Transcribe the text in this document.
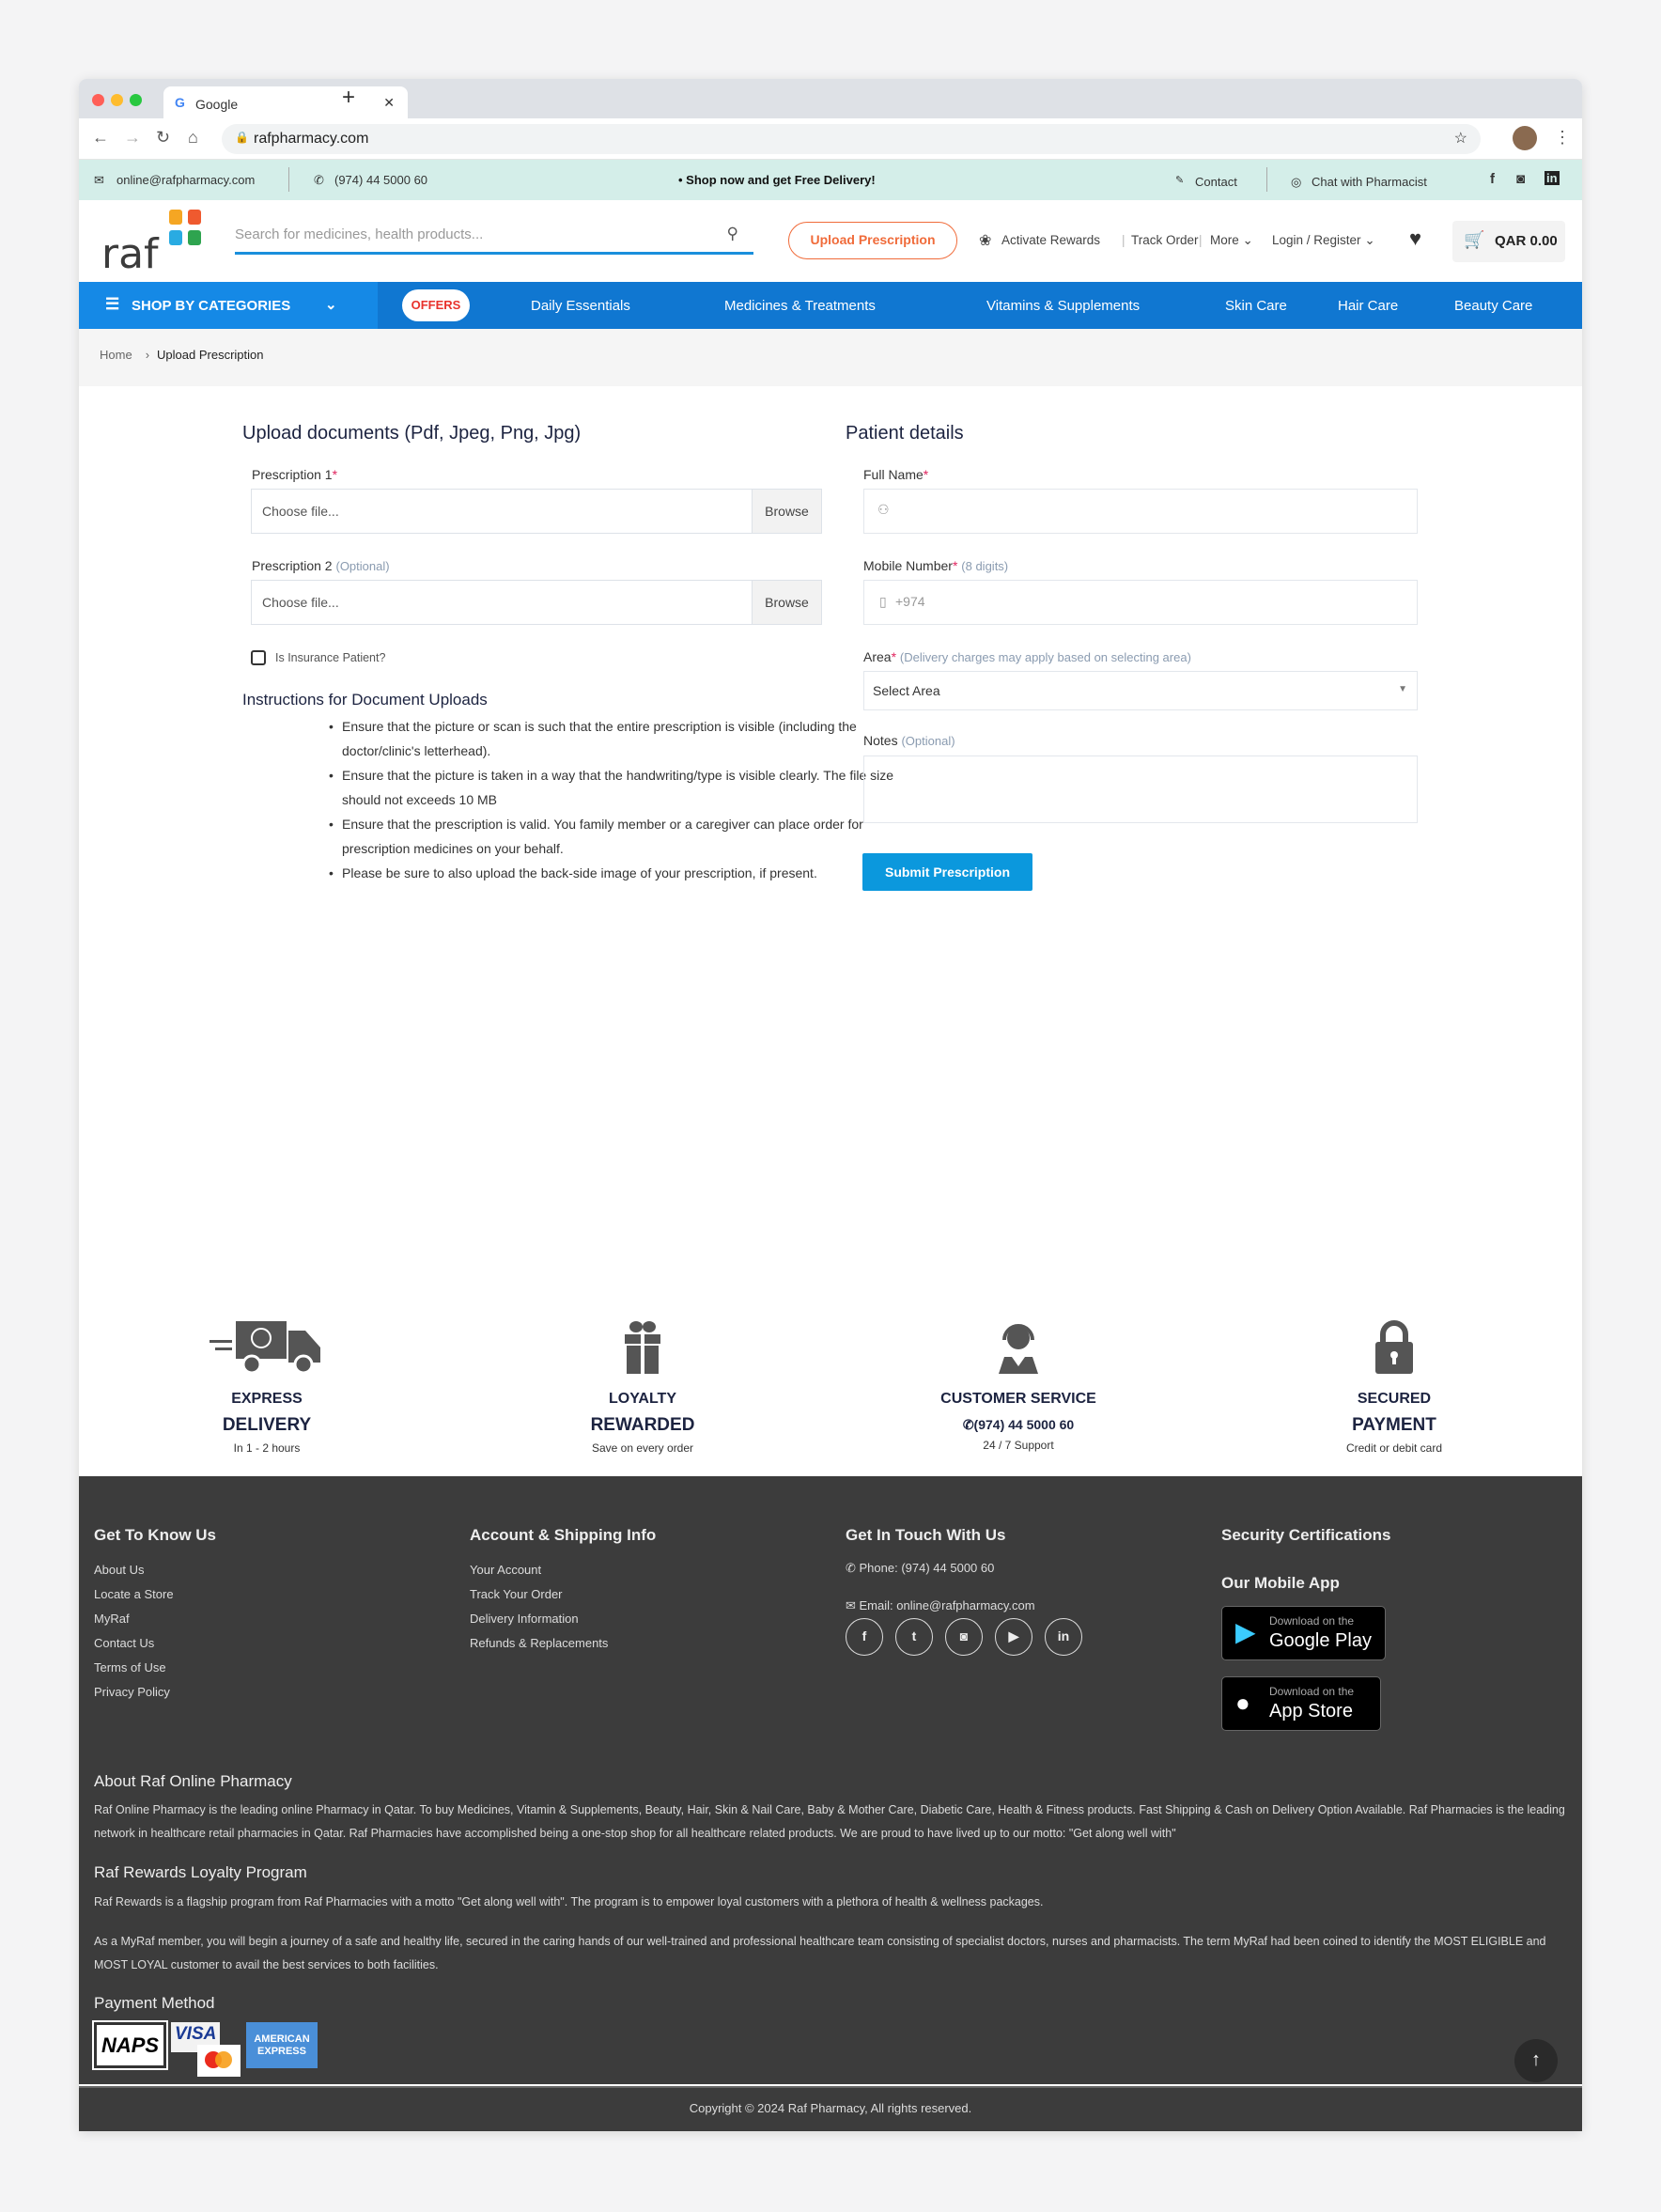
G Google	✕
+
← → ↻ ⌂	🔒 rafpharmacy.com	☆	⋮
✉ online@rafpharmacy.com	✆ (974) 44 5000 60	• Shop now and get Free Delivery!	✎ Contact	◎ Chat with Pharmacist	f ◙ in
raf	Search for medicines, health products...	⚲	Upload Prescription	❀ Activate Rewards | Track Order | More ⌄ Login / Register ⌄ ♥ 🛒 QAR 0.00
☰ SHOP BY CATEGORIES ⌄	OFFERS	Daily Essentials	Medicines & Treatments	Vitamins & Supplements	Skin Care	Hair Care	Beauty Care
Home › Upload Prescription
Upload documents (Pdf, Jpeg, Png, Jpg)
Prescription 1*
Choose file...	Browse
Prescription 2 (Optional)
Choose file...	Browse
Is Insurance Patient?
Instructions for Document Uploads
• Ensure that the picture or scan is such that the entire prescription is visible (including the doctor/clinic's letterhead).
• Ensure that the picture is taken in a way that the handwriting/type is visible clearly. The file size should not exceeds 10 MB
• Ensure that the prescription is valid. You family member or a caregiver can place order for prescription medicines on your behalf.
• Please be sure to also upload the back-side image of your prescription, if present.
Patient details
Full Name*
⚇
Mobile Number* (8 digits)
▯ +974
Area* (Delivery charges may apply based on selecting area)
Select Area	▼
Notes (Optional)
Submit Prescription
EXPRESS
DELIVERY
In 1 - 2 hours
LOYALTY
REWARDED
Save on every order
CUSTOMER SERVICE
✆(974) 44 5000 60
24 / 7 Support
SECURED
PAYMENT
Credit or debit card
Get To Know Us
About Us
Locate a Store
MyRaf
Contact Us
Terms of Use
Privacy Policy
Account & Shipping Info
Your Account
Track Your Order
Delivery Information
Refunds & Replacements
Get In Touch With Us
✆ Phone: (974) 44 5000 60
✉ Email: online@rafpharmacy.com
f	t	◙	▶	in
Security Certifications
Our Mobile App
▶ Download on the
Google Play
● Download on the
App Store
About Raf Online Pharmacy
Raf Online Pharmacy is the leading online Pharmacy in Qatar. To buy Medicines, Vitamin & Supplements, Beauty, Hair, Skin & Nail Care, Baby & Mother Care, Diabetic Care, Health & Fitness products. Fast Shipping & Cash on Delivery Option Available. Raf Pharmacies is the leading network in healthcare retail pharmacies in Qatar. Raf Pharmacies have accomplished being a one-stop shop for all healthcare related products. We are proud to have lived up to our motto: "Get along well with"
Raf Rewards Loyalty Program
Raf Rewards is a flagship program from Raf Pharmacies with a motto "Get along well with". The program is to empower loyal customers with a plethora of health & wellness packages.
As a MyRaf member, you will begin a journey of a safe and healthy life, secured in the caring hands of our well-trained and professional healthcare team consisting of specialist doctors, nurses and pharmacists. The term MyRaf had been coined to identify the MOST ELIGIBLE and MOST LOYAL customer to avail the best services to both facilities.
Payment Method
NAPS VISA	AMERICAN EXPRESS	↑
Copyright © 2024 Raf Pharmacy, All rights reserved.
